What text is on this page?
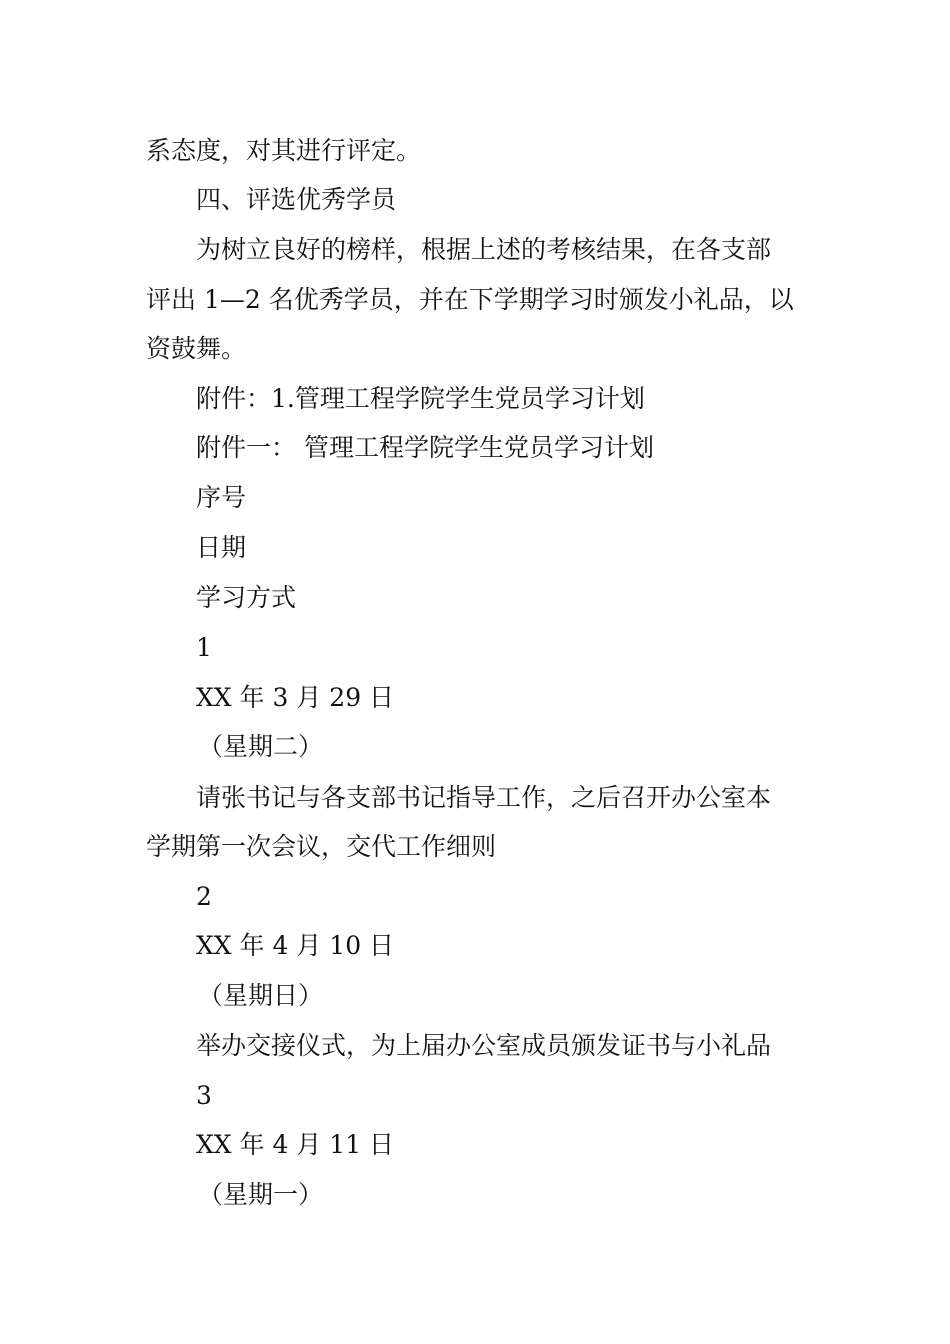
系态度，对其进行评定。
四、评选优秀学员
为树立良好的榜样，根据上述的考核结果，在各支部
评出 1—2 名优秀学员，并在下学期学习时颁发小礼品，以
资鼓舞。
附件：1.管理工程学院学生党员学习计划
附件一： 管理工程学院学生党员学习计划
序号
日期
学习方式
1
XX 年 3 月 29 日
（星期二）
请张书记与各支部书记指导工作，之后召开办公室本
学期第一次会议，交代工作细则
2
XX 年 4 月 10 日
（星期日）
举办交接仪式，为上届办公室成员颁发证书与小礼品
3
XX 年 4 月 11 日
（星期一）
